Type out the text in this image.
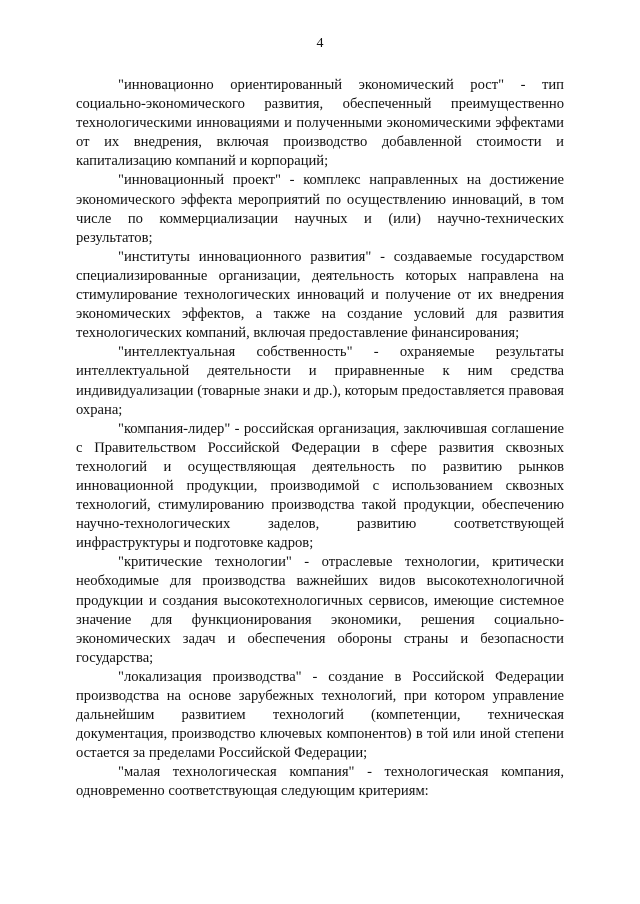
4

"инновационно ориентированный экономический рост" - тип социально-экономического развития, обеспеченный преимущественно технологическими инновациями и полученными экономическими эффектами от их внедрения, включая производство добавленной стоимости и капитализацию компаний и корпораций;

"инновационный проект" - комплекс направленных на достижение экономического эффекта мероприятий по осуществлению инноваций, в том числе по коммерциализации научных и (или) научно-технических результатов;

"институты инновационного развития" - создаваемые государством специализированные организации, деятельность которых направлена на стимулирование технологических инноваций и получение от их внедрения экономических эффектов, а также на создание условий для развития технологических компаний, включая предоставление финансирования;

"интеллектуальная собственность" - охраняемые результаты интеллектуальной деятельности и приравненные к ним средства индивидуализации (товарные знаки и др.), которым предоставляется правовая охрана;

"компания-лидер" - российская организация, заключившая соглашение с Правительством Российской Федерации в сфере развития сквозных технологий и осуществляющая деятельность по развитию рынков инновационной продукции, производимой с использованием сквозных технологий, стимулированию производства такой продукции, обеспечению научно-технологических заделов, развитию соответствующей инфраструктуры и подготовке кадров;

"критические технологии" - отраслевые технологии, критически необходимые для производства важнейших видов высокотехнологичной продукции и создания высокотехнологичных сервисов, имеющие системное значение для функционирования экономики, решения социально-экономических задач и обеспечения обороны страны и безопасности государства;

"локализация производства" - создание в Российской Федерации производства на основе зарубежных технологий, при котором управление дальнейшим развитием технологий (компетенции, техническая документация, производство ключевых компонентов) в той или иной степени остается за пределами Российской Федерации;

"малая технологическая компания" - технологическая компания, одновременно соответствующая следующим критериям:
